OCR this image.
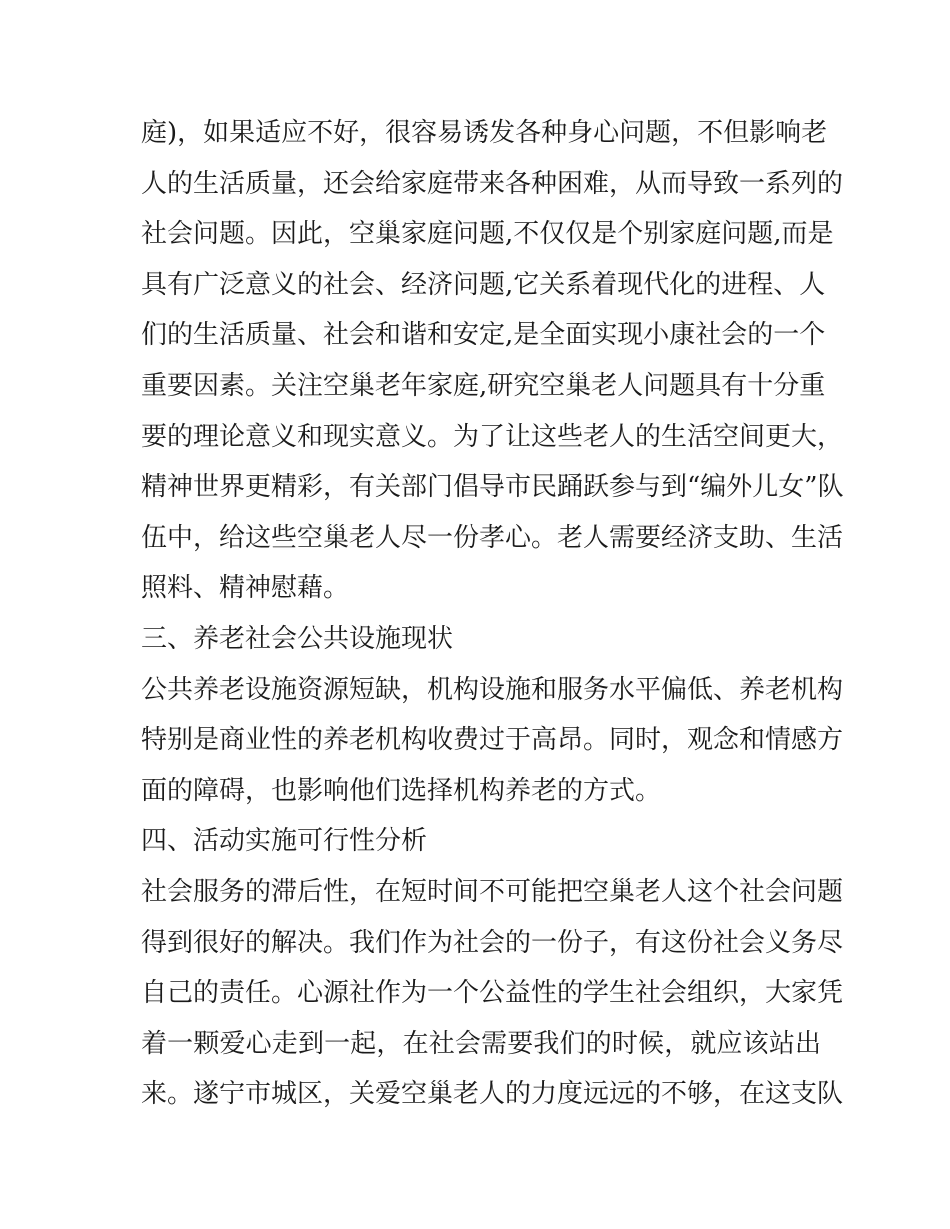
庭)，如果适应不好，很容易诱发各种身心问题，不但影响老
人的生活质量，还会给家庭带来各种困难，从而导致一系列的
社会问题。因此，空巢家庭问题,不仅仅是个别家庭问题,而是
具有广泛意义的社会、经济问题,它关系着现代化的进程、人
们的生活质量、社会和谐和安定,是全面实现小康社会的一个
重要因素。关注空巢老年家庭,研究空巢老人问题具有十分重
要的理论意义和现实意义。为了让这些老人的生活空间更大，
精神世界更精彩，有关部门倡导市民踊跃参与到“编外儿女”队
伍中，给这些空巢老人尽一份孝心。老人需要经济支助、生活
照料、精神慰藉。
三、养老社会公共设施现状
公共养老设施资源短缺，机构设施和服务水平偏低、养老机构
特别是商业性的养老机构收费过于高昂。同时，观念和情感方
面的障碍，也影响他们选择机构养老的方式。
四、活动实施可行性分析
社会服务的滞后性，在短时间不可能把空巢老人这个社会问题
得到很好的解决。我们作为社会的一份子，有这份社会义务尽
自己的责任。心源社作为一个公益性的学生社会组织，大家凭
着一颗爱心走到一起，在社会需要我们的时候，就应该站出
来。遂宁市城区，关爱空巢老人的力度远远的不够，在这支队
